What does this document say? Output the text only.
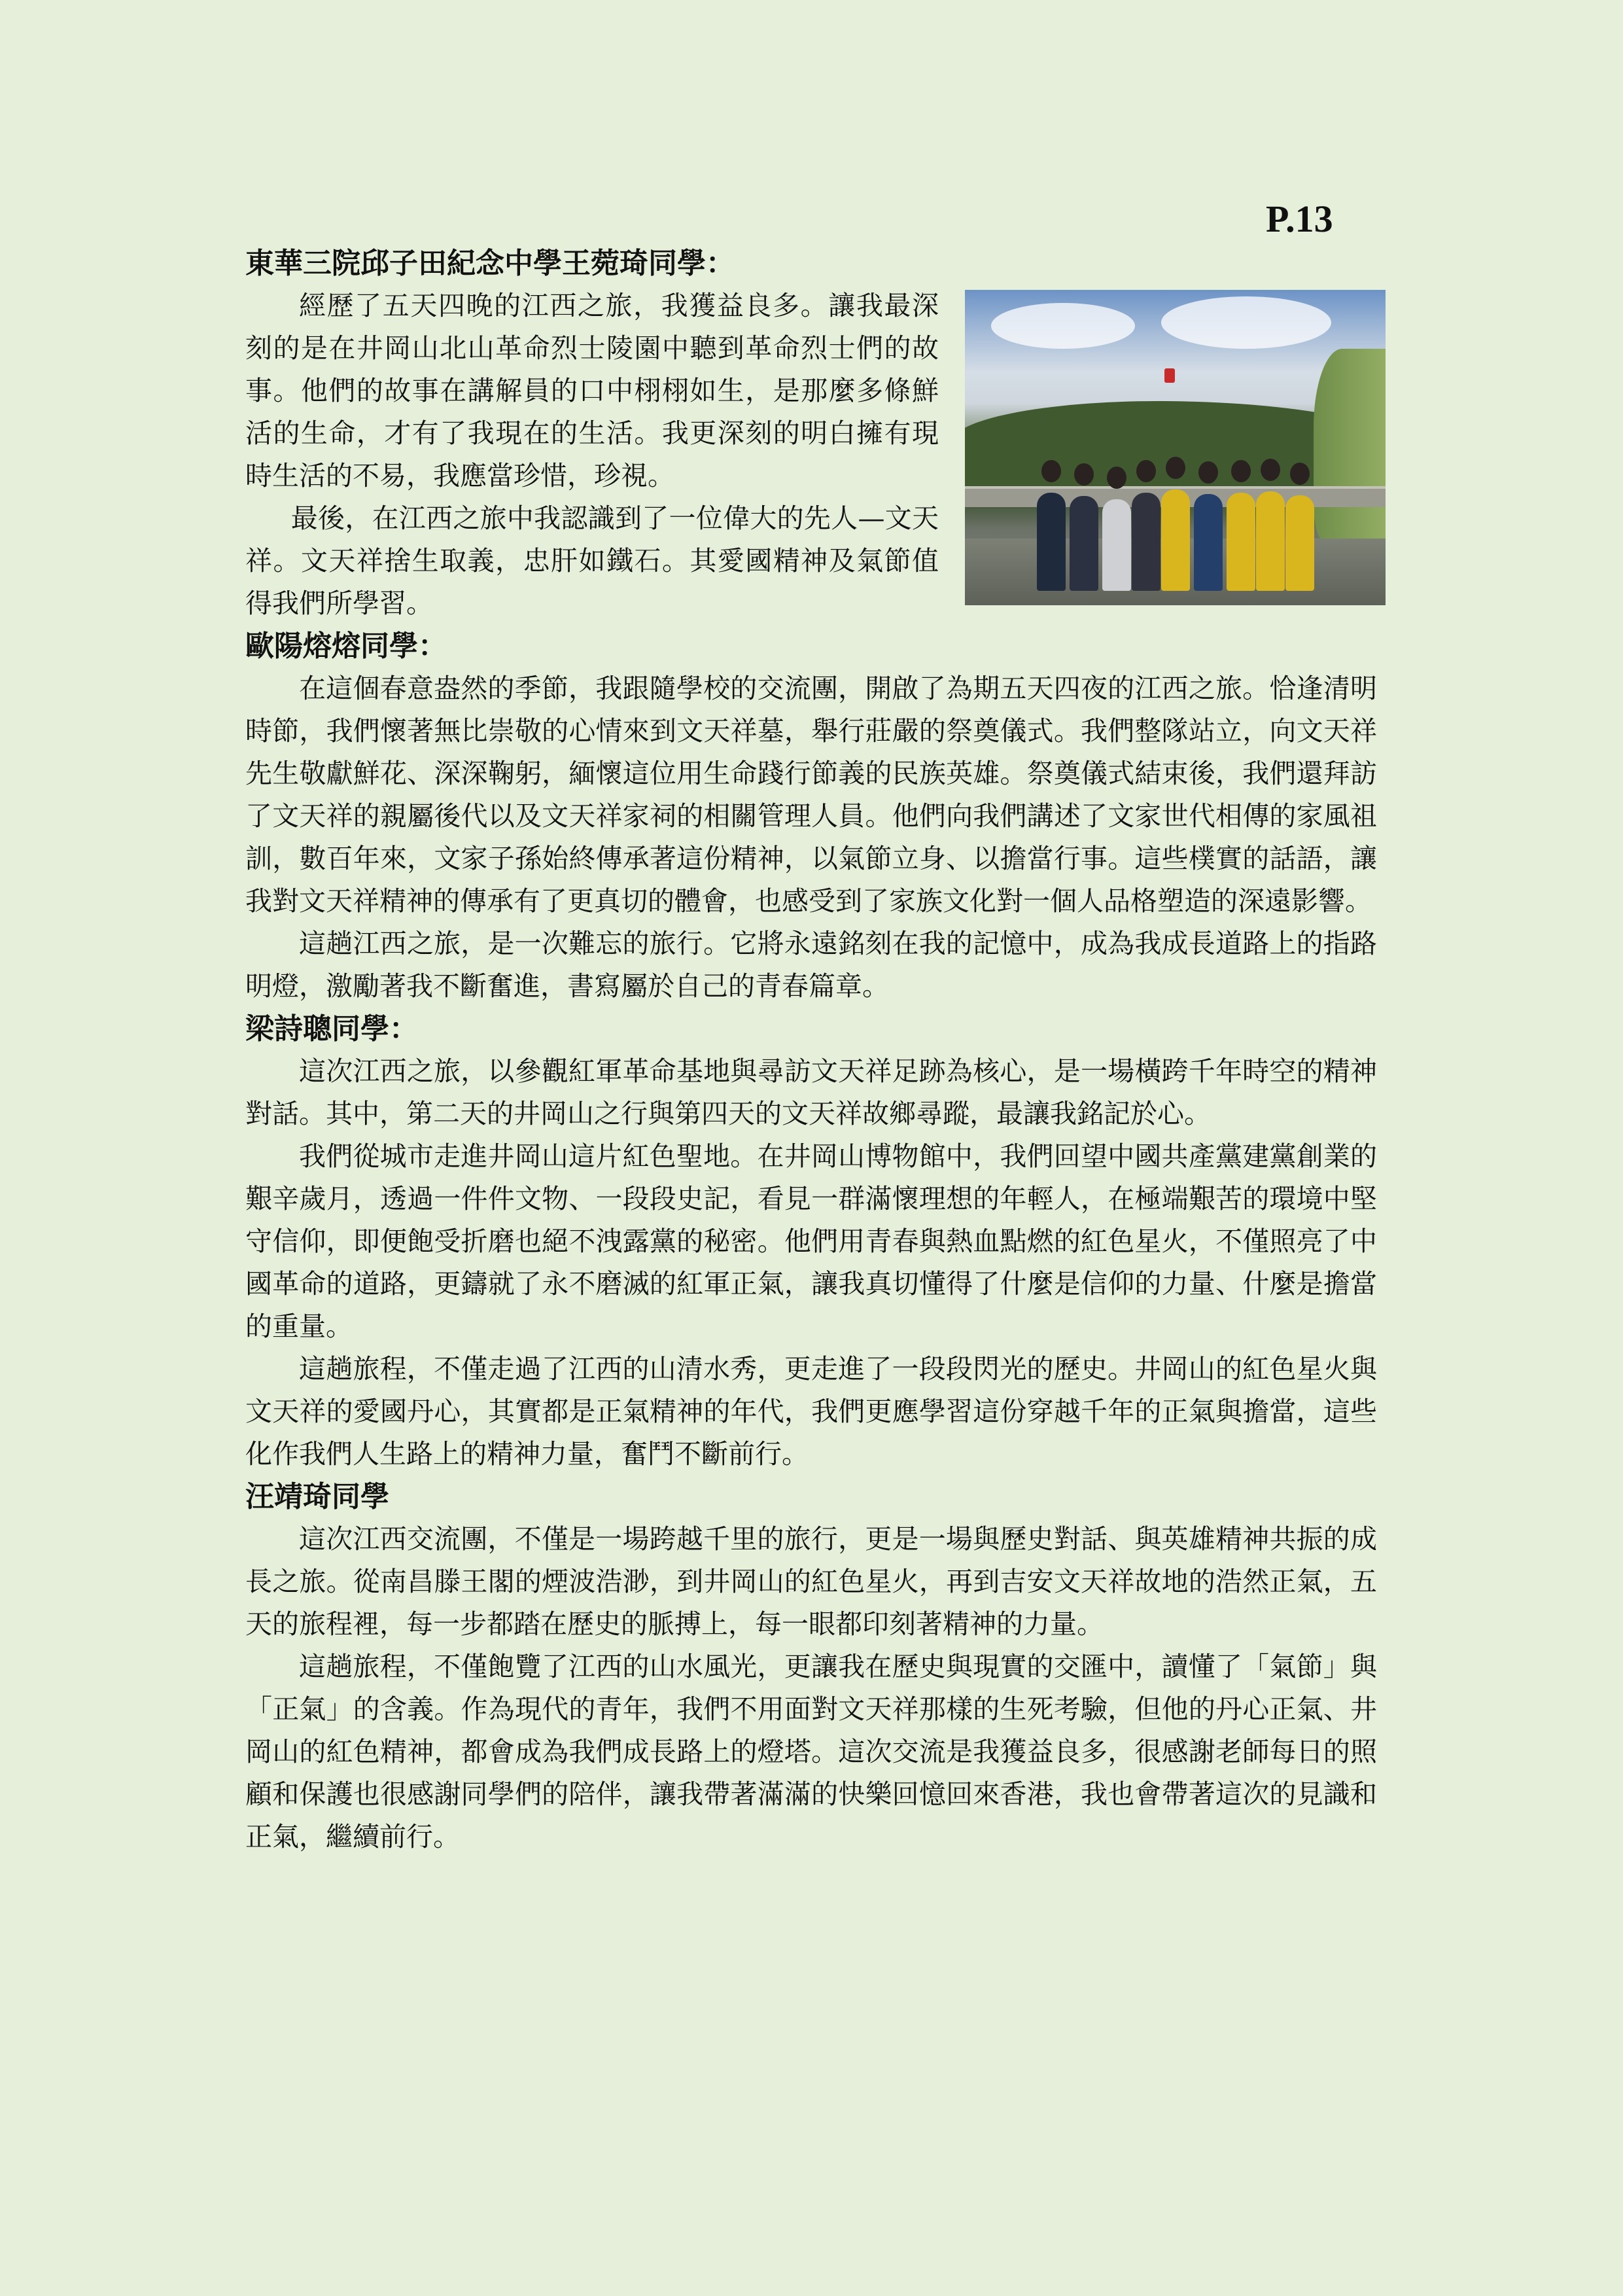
P.13
東華三院邱子田紀念中學王菀琦同學：

經歷了五天四晚的江西之旅，我獲益良多。讓我最深刻的是在井岡山北山革命烈士陵園中聽到革命烈士們的故事。他們的故事在講解員的口中栩栩如生，是那麼多條鮮活的生命，才有了我現在的生活。我更深刻的明白擁有現時生活的不易，我應當珍惜，珍視。

最後，在江西之旅中我認識到了一位偉大的先人—文天祥。文天祥捨生取義，忠肝如鐵石。其愛國精神及氣節值得我們所學習。

歐陽熔熔同學：

在這個春意盎然的季節，我跟隨學校的交流團，開啟了為期五天四夜的江西之旅。恰逢清明時節，我們懷著無比崇敬的心情來到文天祥墓，舉行莊嚴的祭奠儀式。我們整隊站立，向文天祥先生敬獻鮮花、深深鞠躬，緬懷這位用生命踐行節義的民族英雄。祭奠儀式結束後，我們還拜訪了文天祥的親屬後代以及文天祥家祠的相關管理人員。他們向我們講述了文家世代相傳的家風祖訓，數百年來，文家子孫始終傳承著這份精神，以氣節立身、以擔當行事。這些樸實的話語，讓我對文天祥精神的傳承有了更真切的體會，也感受到了家族文化對一個人品格塑造的深遠影響。

這趟江西之旅，是一次難忘的旅行。它將永遠銘刻在我的記憶中，成為我成長道路上的指路明燈，激勵著我不斷奮進，書寫屬於自己的青春篇章。

梁詩聰同學：

這次江西之旅，以參觀紅軍革命基地與尋訪文天祥足跡為核心，是一場橫跨千年時空的精神對話。其中，第二天的井岡山之行與第四天的文天祥故鄉尋蹤，最讓我銘記於心。

我們從城市走進井岡山這片紅色聖地。在井岡山博物館中，我們回望中國共產黨建黨創業的艱辛歲月，透過一件件文物、一段段史記，看見一群滿懷理想的年輕人，在極端艱苦的環境中堅守信仰，即便飽受折磨也絕不洩露黨的秘密。他們用青春與熱血點燃的紅色星火，不僅照亮了中國革命的道路，更鑄就了永不磨滅的紅軍正氣，讓我真切懂得了什麼是信仰的力量、什麼是擔當的重量。

這趟旅程，不僅走過了江西的山清水秀，更走進了一段段閃光的歷史。井岡山的紅色星火與文天祥的愛國丹心，其實都是正氣精神的年代，我們更應學習這份穿越千年的正氣與擔當，這些化作我們人生路上的精神力量，奮鬥不斷前行。

汪靖琦同學

這次江西交流團，不僅是一場跨越千里的旅行，更是一場與歷史對話、與英雄精神共振的成長之旅。從南昌滕王閣的煙波浩渺，到井岡山的紅色星火，再到吉安文天祥故地的浩然正氣，五天的旅程裡，每一步都踏在歷史的脈搏上，每一眼都印刻著精神的力量。

這趟旅程，不僅飽覽了江西的山水風光，更讓我在歷史與現實的交匯中，讀懂了「氣節」與「正氣」的含義。作為現代的青年，我們不用面對文天祥那樣的生死考驗，但他的丹心正氣、井岡山的紅色精神，都會成為我們成長路上的燈塔。這次交流是我獲益良多，很感謝老師每日的照顧和保護也很感謝同學們的陪伴，讓我帶著滿滿的快樂回憶回來香港，我也會帶著這次的見識和正氣，繼續前行。
